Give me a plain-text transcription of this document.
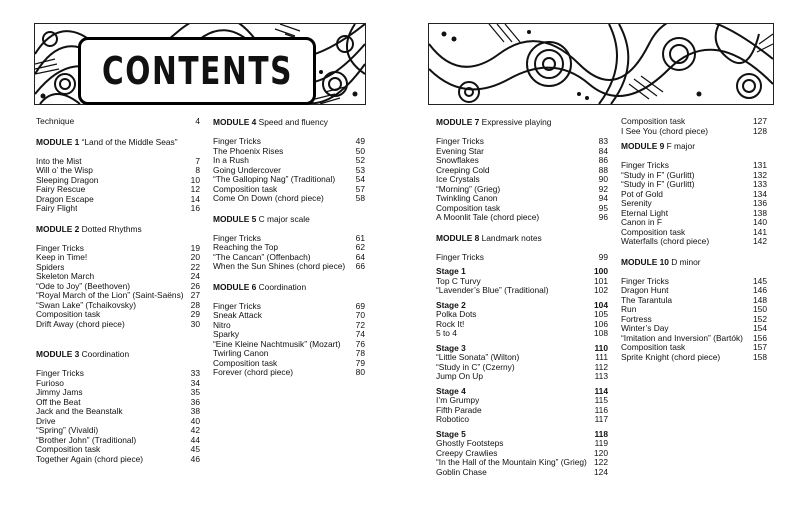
CONTENTS
Technique	4
MODULE 1 “Land of the Middle Seas”
Into the Mist	7
Will o’ the Wisp	8
Sleeping Dragon	10
Fairy Rescue	12
Dragon Escape	14
Fairy Flight	16
MODULE 2 Dotted Rhythms
Finger Tricks	19
Keep in Time!	20
Spiders	22
Skeleton March	24
“Ode to Joy” (Beethoven)	26
“Royal March of the Lion” (Saint-Saëns) 27
“Swan Lake” (Tchaikovsky)	28
Composition task	29
Drift Away (chord piece)	30
MODULE 3 Coordination
Finger Tricks	33
Furioso	34
Jimmy Jams	35
Off the Beat	36
Jack and the Beanstalk	38
Drive	40
“Spring” (Vivaldi)	42
“Brother John” (Traditional)	44
Composition task	45
Together Again (chord piece)	46
MODULE 4 Speed and fluency
Finger Tricks	49
The Phoenix Rises	50
In a Rush	52
Going Undercover	53
“The Galloping Nag” (Traditional)	54
Composition task	57
Come On Down (chord piece)	58
MODULE 5 C major scale
Finger Tricks	61
Reaching the Top	62
“The Cancan” (Offenbach)	64
When the Sun Shines (chord piece)	66
MODULE 6 Coordination
Finger Tricks	69
Sneak Attack	70
Nitro	72
Sparky	74
“Eine Kleine Nachtmusik” (Mozart)	76
Twirling Canon	78
Composition task	79
Forever (chord piece)	80
MODULE 7 Expressive playing
Finger Tricks	83
Evening Star	84
Snowflakes	86
Creeping Cold	88
Ice Crystals	90
“Morning” (Grieg)	92
Twinkling Canon	94
Composition task	95
A Moonlit Tale (chord piece)	96
MODULE 8 Landmark notes
Finger Tricks	99
Stage 1	100
Top C Turvy	101
“Lavender’s Blue” (Traditional)	102
Stage 2	104
Polka Dots	105
Rock It!	106
5 to 4	108
Stage 3	110
“Little Sonata” (Wilton)	111
“Study in C” (Czerny)	112
Jump On Up	113
Stage 4	114
I’m Grumpy	115
Fifth Parade	116
Robotico	117
Stage 5	118
Ghostly Footsteps	119
Creepy Crawlies	120
“In the Hall of the Mountain King” (Grieg) 122
Goblin Chase	124
Composition task	127
I See You (chord piece)	128
MODULE 9 F major
Finger Tricks	131
“Study in F” (Gurlitt)	132
“Study in F” (Gurlitt)	133
Pot of Gold	134
Serenity	136
Eternal Light	138
Canon in F	140
Composition task	141
Waterfalls (chord piece)	142
MODULE 10 D minor
Finger Tricks	145
Dragon Hunt	146
The Tarantula	148
Run	150
Fortress	152
Winter’s Day	154
“Imitation and Inversion” (Bartók)	156
Composition task	157
Sprite Knight (chord piece)	158
